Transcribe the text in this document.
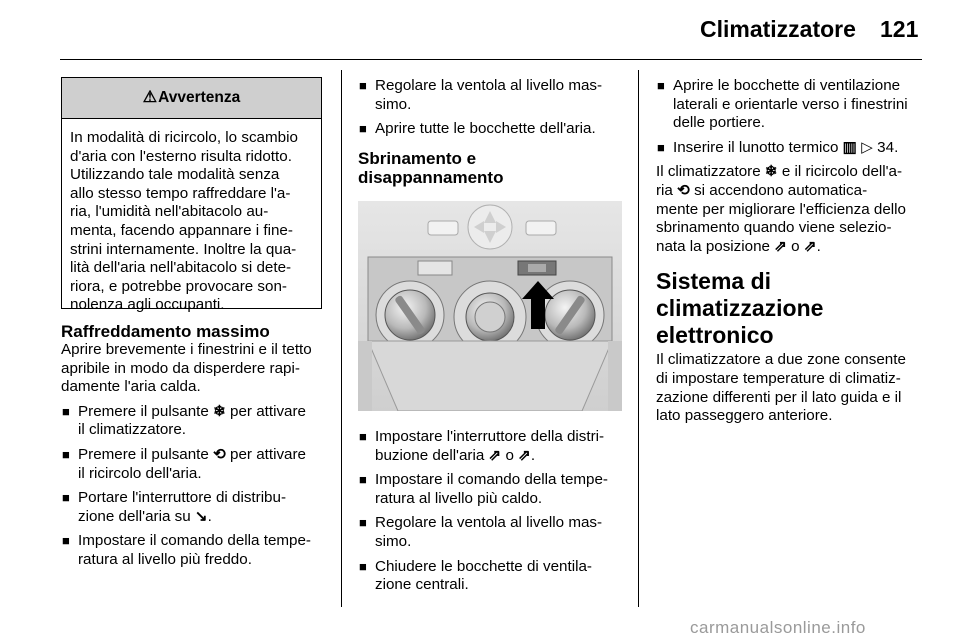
Climatizzatore 121
⚠Avvertenza
In modalità di ricircolo, lo scambio
d'aria con l'esterno risulta ridotto.
Utilizzando tale modalità senza
allo stesso tempo raffreddare l'a-
ria, l'umidità nell'abitacolo au-
menta, facendo appannare i fine-
strini internamente. Inoltre la qua-
lità dell'aria nell'abitacolo si dete-
riora, e potrebbe provocare son-
nolenza agli occupanti.
Raffreddamento massimo
Aprire brevemente i finestrini e il tetto
apribile in modo da disperdere rapi-
damente l'aria calda.
■ Premere il pulsante ❄ per attivare
il climatizzatore.
■ Premere il pulsante ⟲ per attivare
il ricircolo dell'aria.
■ Portare l'interruttore di distribu-
zione dell'aria su ↘.
■ Impostare il comando della tempe-
ratura al livello più freddo.
■ Regolare la ventola al livello mas-
simo.
■ Aprire tutte le bocchette dell'aria.
Sbrinamento e
disappannamento
■ Impostare l'interruttore della distri-
buzione dell'aria ⇗ o ⇗.
■ Impostare il comando della tempe-
ratura al livello più caldo.
■ Regolare la ventola al livello mas-
simo.
■ Chiudere le bocchette di ventila-
zione centrali.
■ Aprire le bocchette di ventilazione
laterali e orientarle verso i finestrini
delle portiere.
■ Inserire il lunotto termico ▥ ▷ 34.
Il climatizzatore ❄ e il ricircolo dell'a-
ria ⟲ si accendono automatica-
mente per migliorare l'efficienza dello
sbrinamento quando viene selezio-
nata la posizione ⇗ o ⇗.
Sistema di climatizzazione
elettronico
Il climatizzatore a due zone consente
di impostare temperature di climatiz-
zazione differenti per il lato guida e il
lato passeggero anteriore.
carmanualsonline.info
